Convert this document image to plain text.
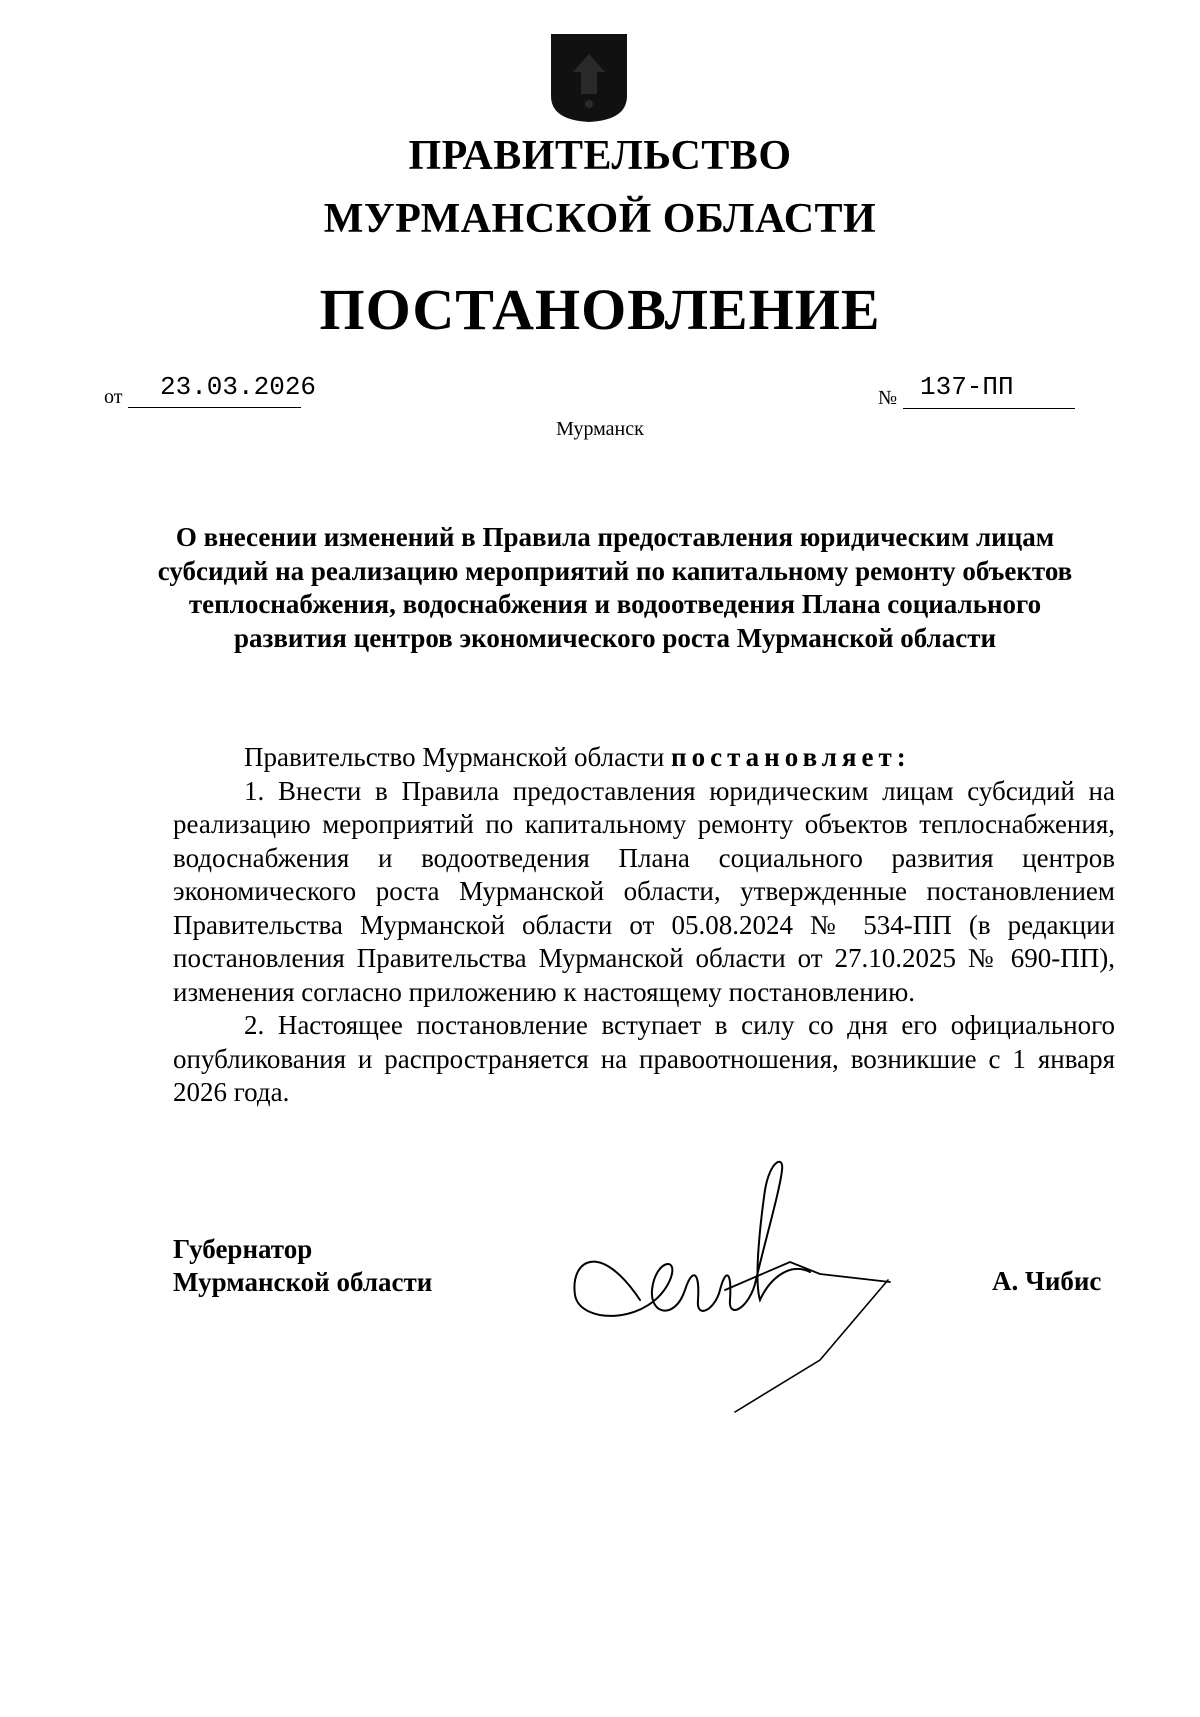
ПРАВИТЕЛЬСТВО
МУРМАНСКОЙ ОБЛАСТИ
ПОСТАНОВЛЕНИЕ
от 23.03.2026	№ 137-ПП
Мурманск

О внесении изменений в Правила предоставления юридическим лицам субсидий на реализацию мероприятий по капитальному ремонту объектов теплоснабжения, водоснабжения и водоотведения Плана социального развития центров экономического роста Мурманской области

Правительство Мурманской области постановляет:

1. Внести в Правила предоставления юридическим лицам субсидий на реализацию мероприятий по капитальному ремонту объектов теплоснабжения, водоснабжения и водоотведения Плана социального развития центров экономического роста Мурманской области, утвержденные постановлением Правительства Мурманской области от 05.08.2024 № 534-ПП (в редакции постановления Правительства Мурманской области от 27.10.2025 № 690-ПП), изменения согласно приложению к настоящему постановлению.

2. Настоящее постановление вступает в силу со дня его официального опубликования и распространяется на правоотношения, возникшие с 1 января 2026 года.

Губернатор
Мурманской области	А. Чибис
